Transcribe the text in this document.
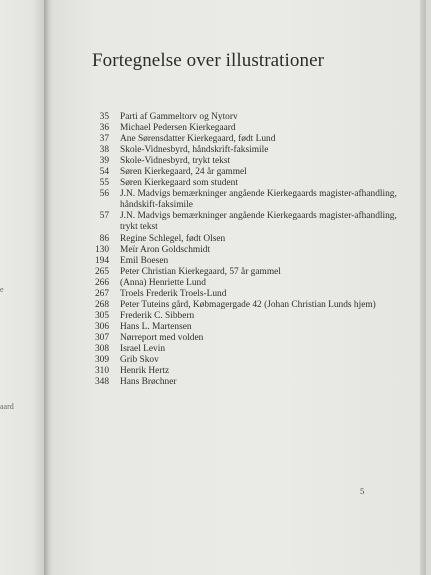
e
aard
Fortegnelse over illustrationer
35 Parti af Gammeltorv og Nytorv
36 Michael Pedersen Kierkegaard
37 Ane Sørensdatter Kierkegaard, født Lund
38 Skole-Vidnesbyrd, håndskrift-faksimile
39 Skole-Vidnesbyrd, trykt tekst
54 Søren Kierkegaard, 24 år gammel
55 Søren Kierkegaard som student
56 J.N. Madvigs bemærkninger angående Kierkegaards magister-afhandling, håndskift-faksimile
57 J.N. Madvigs bemærkninger angående Kierkegaards magister-afhandling, trykt tekst
86 Regine Schlegel, født Olsen
130 Meïr Aron Goldschmidt
194 Emil Boesen
265 Peter Christian Kierkegaard, 57 år gammel
266 (Anna) Henriette Lund
267 Troels Frederik Troels-Lund
268 Peter Tuteins gård, Købmagergade 42 (Johan Christian Lunds hjem)
305 Frederik C. Sibbern
306 Hans L. Martensen
307 Nørreport med volden
308 Israel Levin
309 Grib Skov
310 Henrik Hertz
348 Hans Brøchner
5
